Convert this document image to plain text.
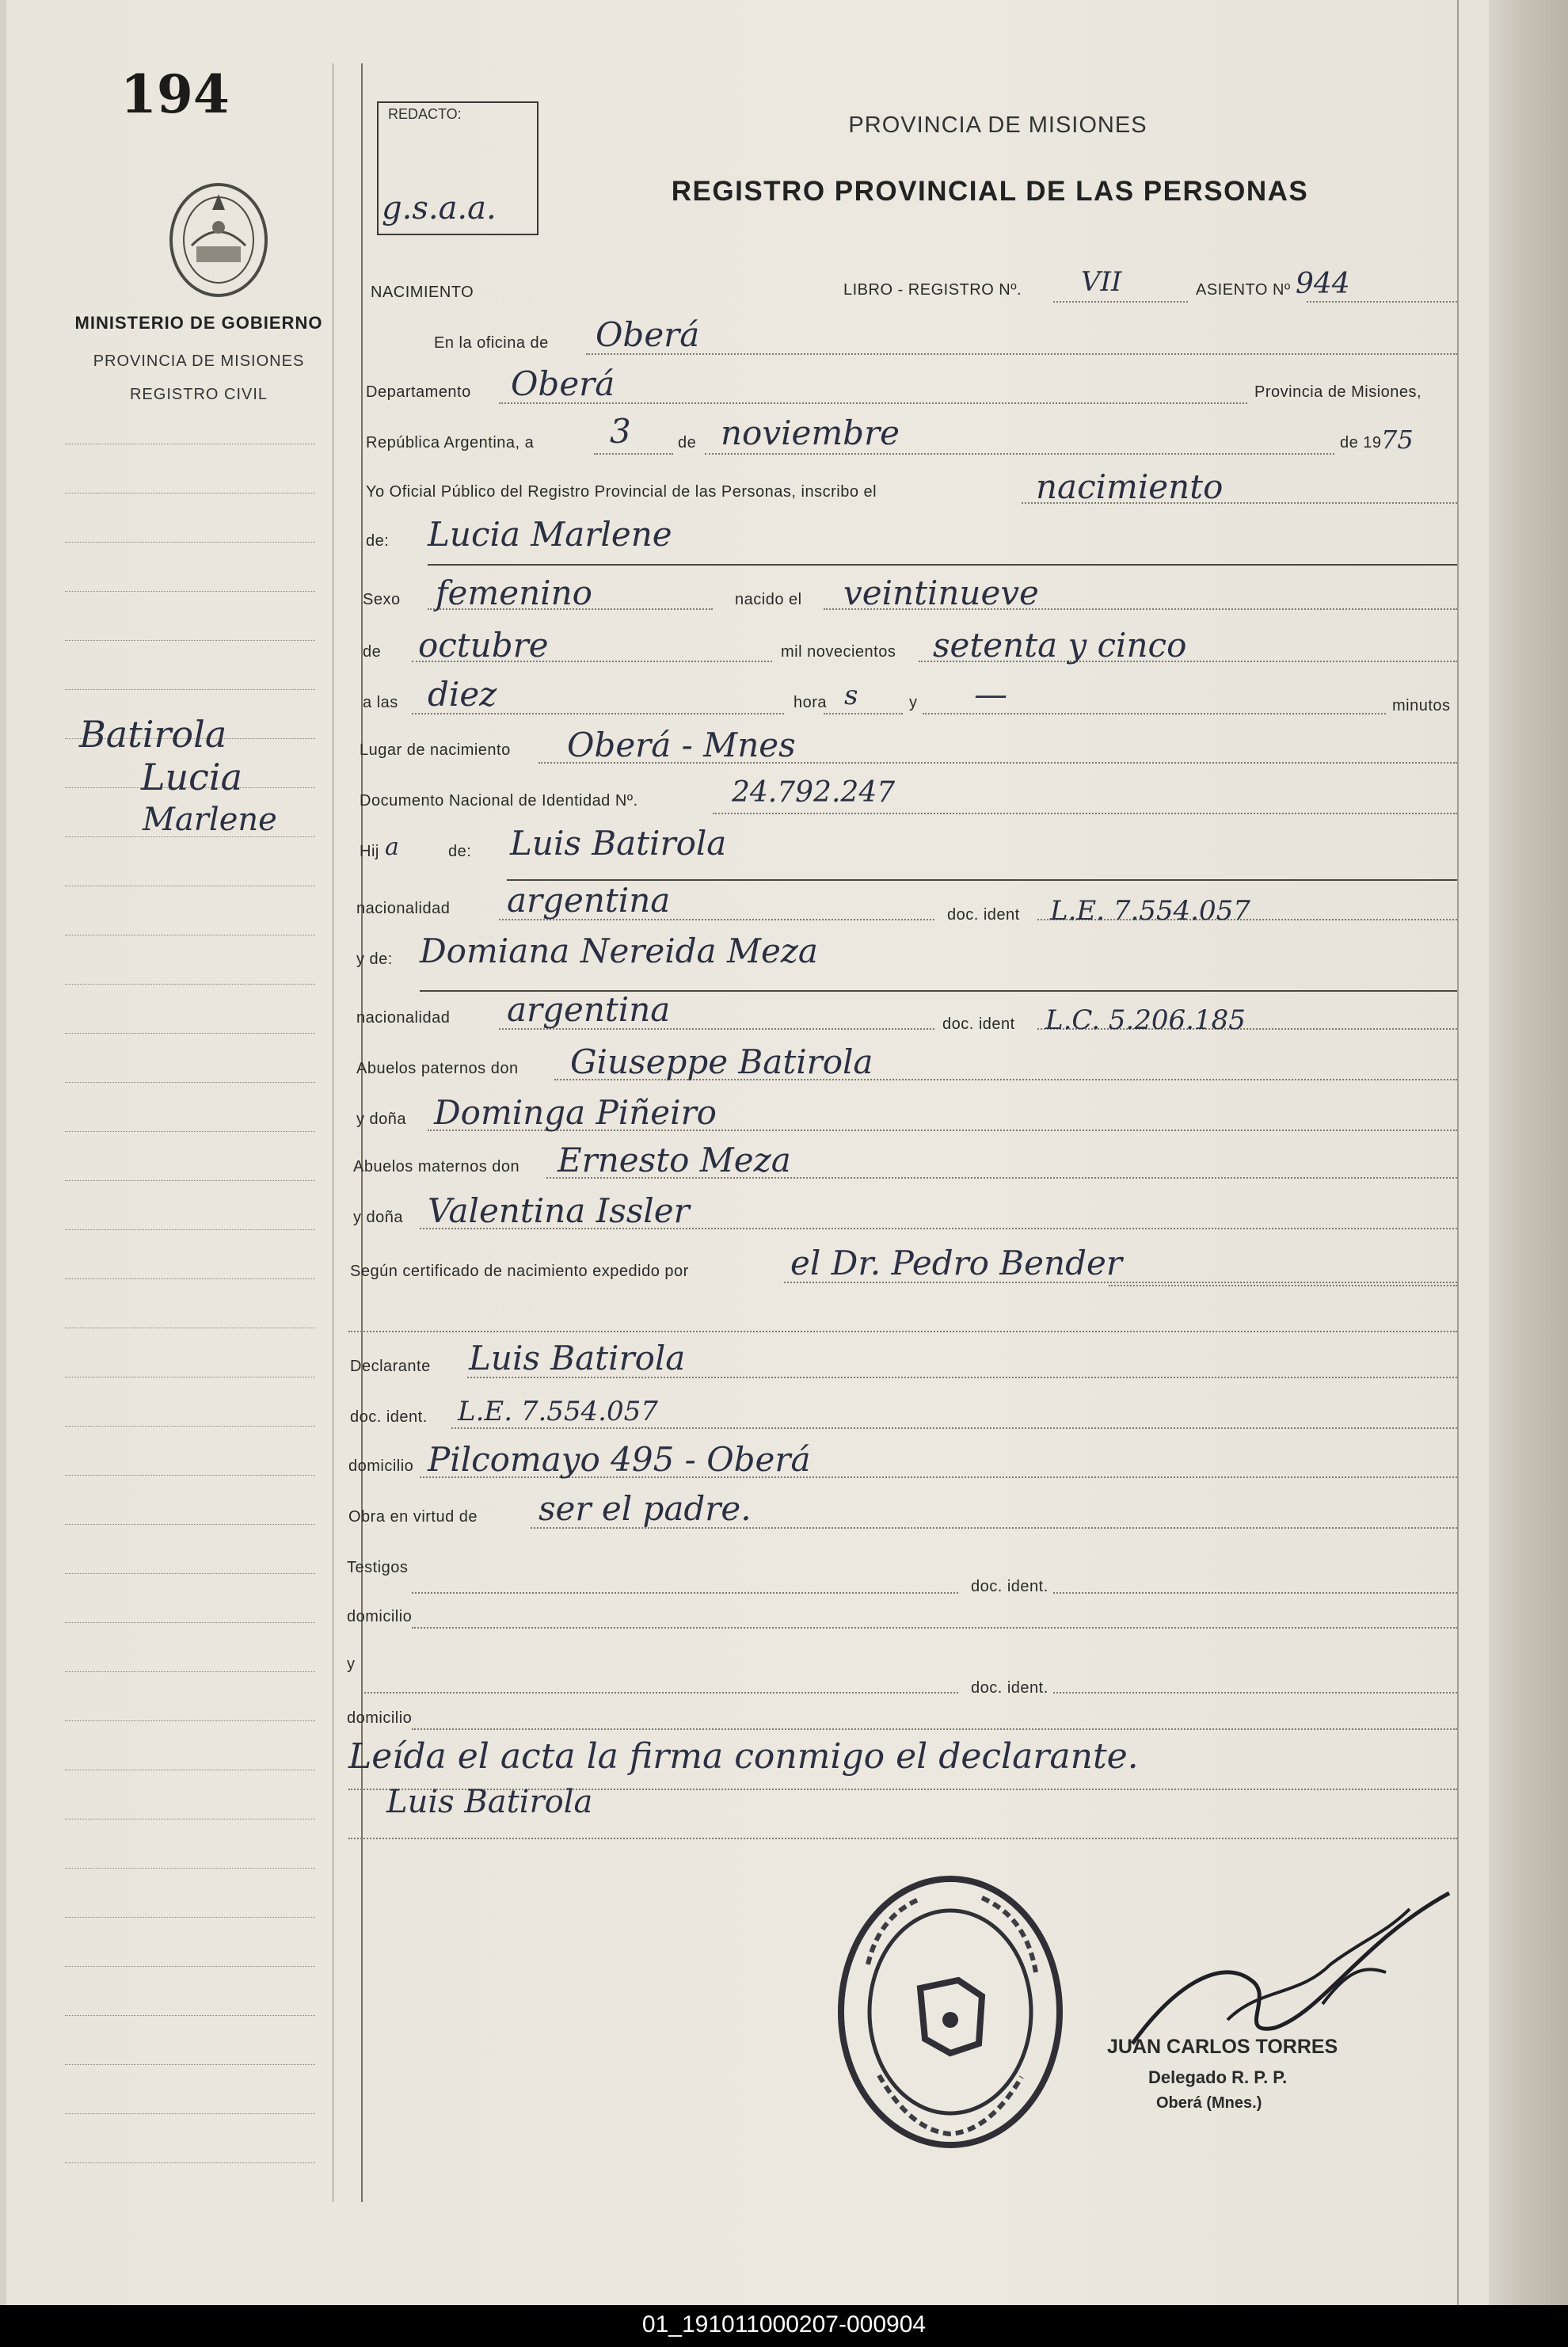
194
MINISTERIO DE GOBIERNO
PROVINCIA DE MISIONES
REGISTRO CIVIL
Batirola
Lucia
Marlene
REDACTO:
g.s.a.a.
PROVINCIA DE MISIONES
REGISTRO PROVINCIAL DE LAS PERSONAS
NACIMIENTO	LIBRO - REGISTRO Nº. VII	ASIENTO Nº 944
En la oficina de Oberá
Departamento Oberá	Provincia de Misiones,
República Argentina, a 3	de noviembre	de 19 75
Yo Oficial Público del Registro Provincial de las Personas, inscribo el	nacimiento
de: Lucia Marlene
Sexo femenino	nacido el veintinueve
de octubre	mil novecientos setenta y cinco
a las diez	hora s	y —	minutos
Lugar de nacimiento Oberá - Mnes
Documento Nacional de Identidad Nº.	24.792.247
Hij a	de: Luis Batirola
nacionalidad argentina	doc. ident L.E. 7.554.057
y de: Domiana Nereida Meza
nacionalidad argentina	doc. ident L.C. 5.206.185
Abuelos paternos don Giuseppe Batirola
y doña Dominga Piñeiro
Abuelos maternos don Ernesto Meza
y doña Valentina Issler
Según certificado de nacimiento expedido por	el Dr. Pedro Bender
Declarante Luis Batirola
doc. ident. L.E. 7.554.057
domicilio Pilcomayo 495 - Oberá
Obra en virtud de ser el padre.
Testigos
doc. ident.
domicilio
y
doc. ident.
domicilio
Leída el acta la firma conmigo el declarante.
Luis Batirola
JUAN CARLOS TORRES
Delegado R. P. P.
Oberá (Mnes.)
01_191011000207-000904
